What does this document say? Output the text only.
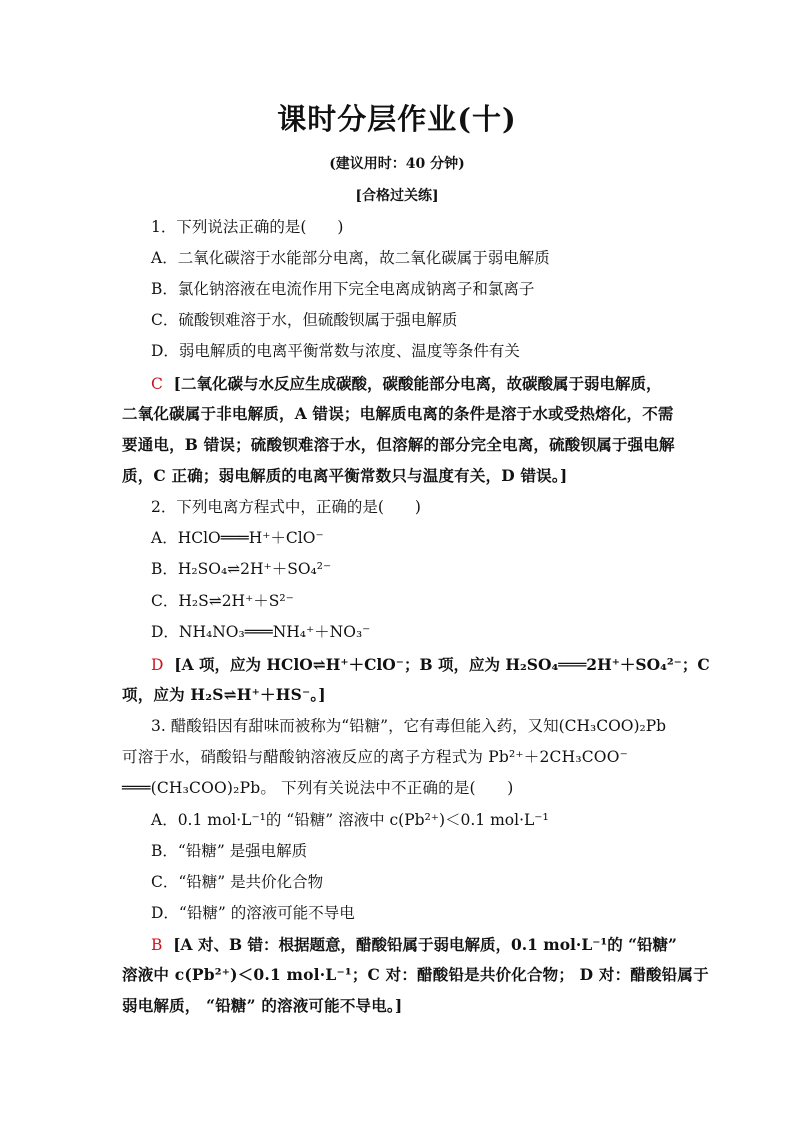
课时分层作业(十)
(建议用时：40 分钟)
[合格过关练]
1．下列说法正确的是(　　)
A．二氧化碳溶于水能部分电离，故二氧化碳属于弱电解质
B．氯化钠溶液在电流作用下完全电离成钠离子和氯离子
C．硫酸钡难溶于水，但硫酸钡属于强电解质
D．弱电解质的电离平衡常数与浓度、温度等条件有关
C [二氧化碳与水反应生成碳酸，碳酸能部分电离，故碳酸属于弱电解质，
二氧化碳属于非电解质，A 错误；电解质电离的条件是溶于水或受热熔化，不需
要通电，B 错误；硫酸钡难溶于水，但溶解的部分完全电离，硫酸钡属于强电解
质，C 正确；弱电解质的电离平衡常数只与温度有关，D 错误。]
2．下列电离方程式中，正确的是(　　)
A．HClO═══H⁺＋ClO⁻
B．H₂SO₄⇌2H⁺＋SO₄²⁻
C．H₂S⇌2H⁺＋S²⁻
D．NH₄NO₃═══NH₄⁺＋NO₃⁻
D [A 项，应为 HClO⇌H⁺＋ClO⁻；B 项，应为 H₂SO₄═══2H⁺＋SO₄²⁻；C
项，应为 H₂S⇌H⁺＋HS⁻。]
3. 醋酸铅因有甜味而被称为“铅糖”，它有毒但能入药，又知(CH₃COO)₂Pb
可溶于水，硝酸铅与醋酸钠溶液反应的离子方程式为 Pb²⁺＋2CH₃COO⁻
═══(CH₃COO)₂Pb。 下列有关说法中不正确的是(　　)
A．0.1 mol·L⁻¹的 “铅糖” 溶液中 c(Pb²⁺)＜0.1 mol·L⁻¹
B．“铅糖” 是强电解质
C．“铅糖” 是共价化合物
D．“铅糖” 的溶液可能不导电
B [A 对、B 错：根据题意，醋酸铅属于弱电解质，0.1 mol·L⁻¹的 “铅糖”
溶液中 c(Pb²⁺)＜0.1 mol·L⁻¹；C 对：醋酸铅是共价化合物； D 对：醋酸铅属于
弱电解质， “铅糖” 的溶液可能不导电。]
